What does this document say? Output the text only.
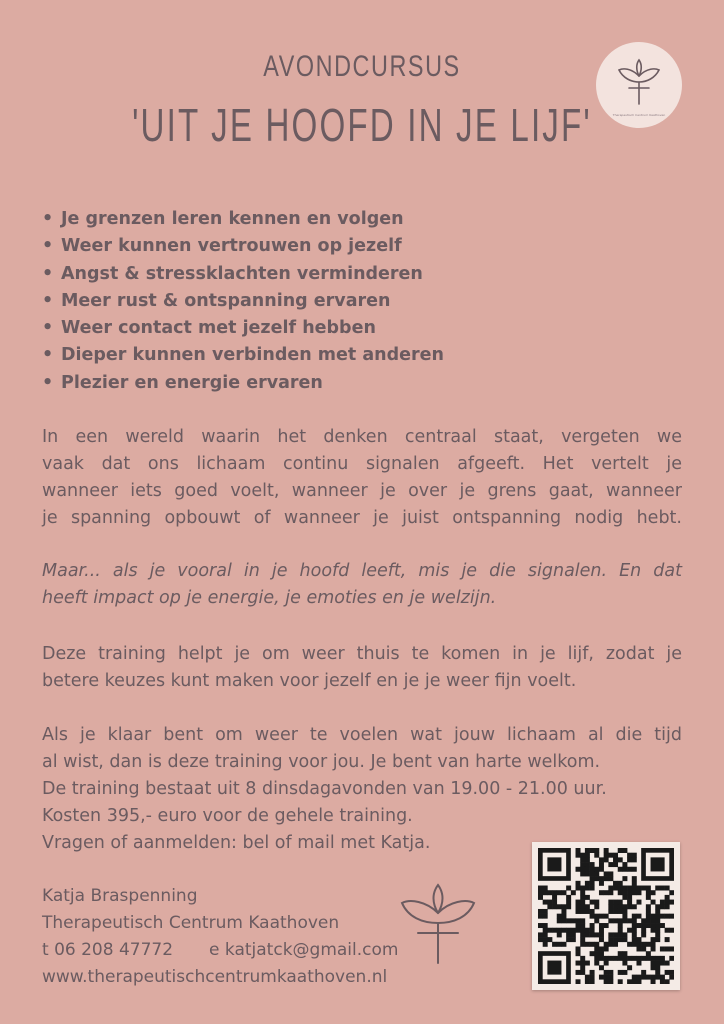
AVONDCURSUS
'UIT JE HOOFD IN JE LIJF'	Therapeutisch Centrum Kaathoven
• Je grenzen leren kennen en volgen
• Weer kunnen vertrouwen op jezelf
• Angst & stressklachten verminderen
• Meer rust & ontspanning ervaren
• Weer contact met jezelf hebben
• Dieper kunnen verbinden met anderen
• Plezier en energie ervaren
In een wereld waarin het denken centraal staat, vergeten we
vaak dat ons lichaam continu signalen afgeeft. Het vertelt je
wanneer iets goed voelt, wanneer je over je grens gaat, wanneer
je spanning opbouwt of wanneer je juist ontspanning nodig hebt.
Maar... als je vooral in je hoofd leeft, mis je die signalen. En dat
heeft impact op je energie, je emoties en je welzijn.
Deze training helpt je om weer thuis te komen in je lijf, zodat je
betere keuzes kunt maken voor jezelf en je je weer fijn voelt.
Als je klaar bent om weer te voelen wat jouw lichaam al die tijd
al wist, dan is deze training voor jou. Je bent van harte welkom.
De training bestaat uit 8 dinsdagavonden van 19.00 - 21.00 uur.
Kosten 395,- euro voor de gehele training.
Vragen of aanmelden: bel of mail met Katja.
Katja Braspenning
Therapeutisch Centrum Kaathoven
t 06 208 47772 e katjatck@gmail.com
www.therapeutischcentrumkaathoven.nl
